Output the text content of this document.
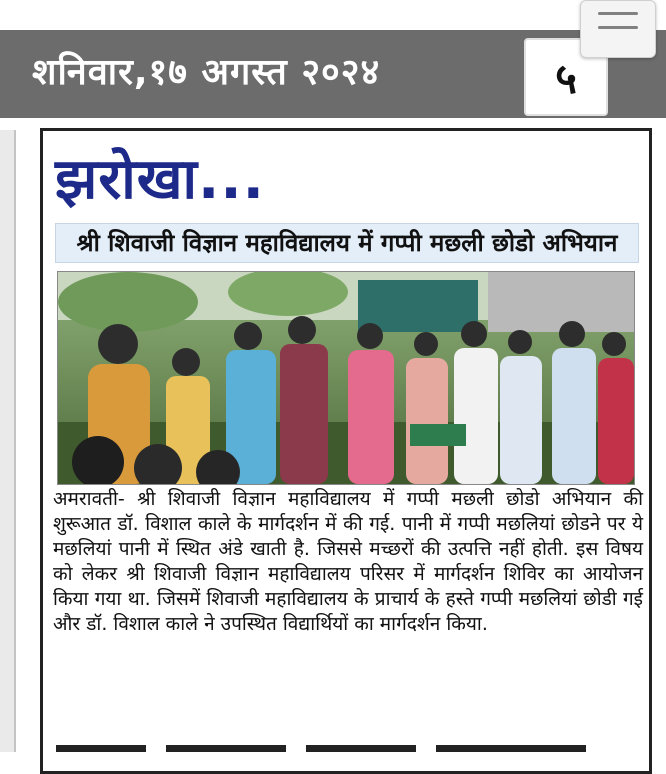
शनिवार,१७ अगस्त २०२४	५
झरोखा...
श्री शिवाजी विज्ञान महाविद्यालय में गप्पी मछली छोडो अभियान

अमरावती- श्री शिवाजी विज्ञान महाविद्यालय में गप्पी मछली छोडो अभियान की शुरूआत डॉ. विशाल काले के मार्गदर्शन में की गई. पानी में गप्पी मछलियां छोडने पर ये मछलियां पानी में स्थित अंडे खाती है. जिससे मच्छरों की उत्पत्ति नहीं होती. इस विषय को लेकर श्री शिवाजी विज्ञान महाविद्यालय परिसर में मार्गदर्शन शिविर का आयोजन किया गया था. जिसमें शिवाजी महाविद्यालय के प्राचार्य के हस्ते गप्पी मछलियां छोडी गई और डॉ. विशाल काले ने उपस्थित विद्यार्थियों का मार्गदर्शन किया.
